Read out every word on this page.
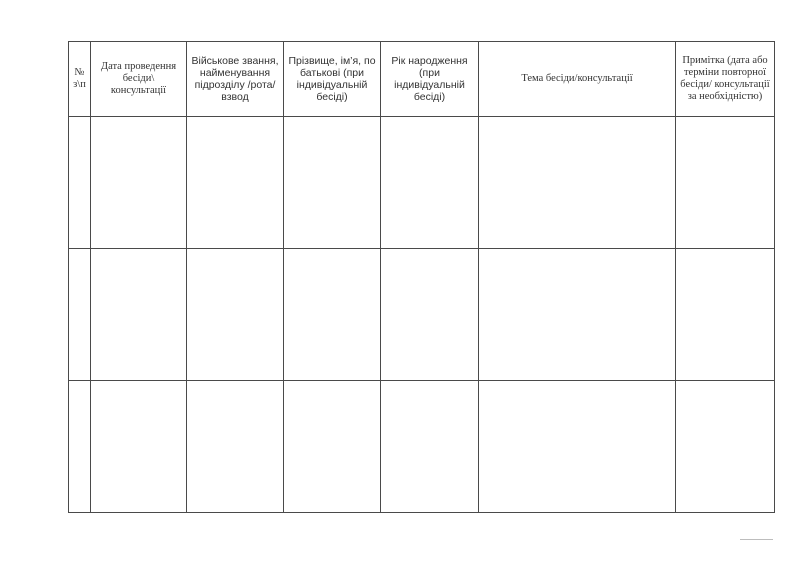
№ з\п	Дата проведення бесіди\ консультації	Військове звання, найменування підрозділу /рота/взвод	Прізвище, ім’я, по батькові (при індивідуальній бесіді)	Рік народження (при індивідуальній бесіді)	Тема бесіди/консультації	Примітка (дата або терміни повторної бесіди/ консультації за необхідністю)
